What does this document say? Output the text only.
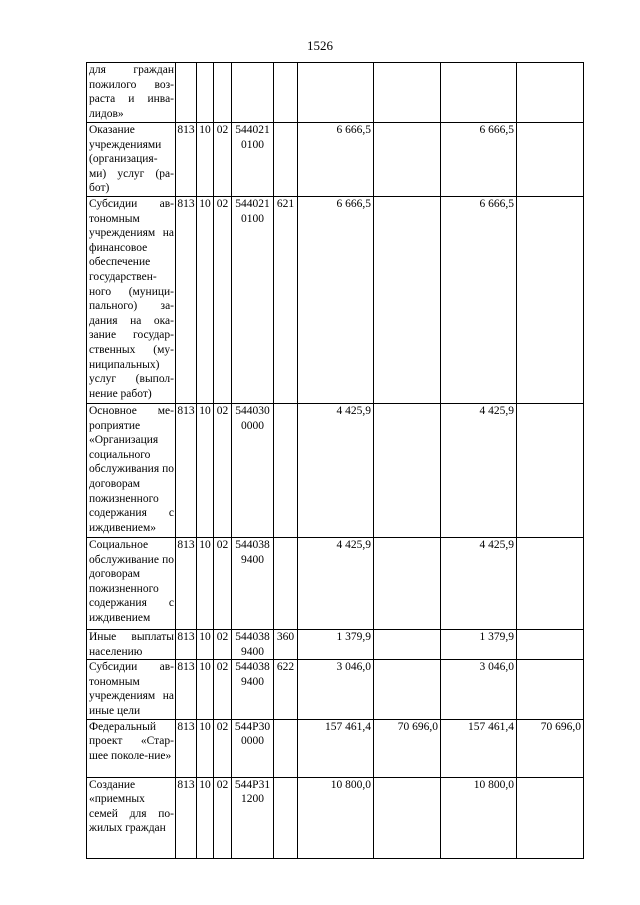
1526
для граждан пожилого воз-раста и инва-лидов»									
Оказание учреждениями (организация-ми) услуг (ра-бот)	813	10	02	544021 0100		6 666,5		6 666,5	
Субсидии ав-тономным учреждениям на финансовое обеспечение государствен-ного (муници-пального) за-дания на ока-зание государ-ственных (му-ниципальных) услуг (выпол-нение работ)	813	10	02	544021 0100	621	6 666,5		6 666,5	
Основное ме-роприятие «Организация социального обслуживания по договорам пожизненного содержания с иждивением»	813	10	02	544030 0000		4 425,9		4 425,9	
Социальное обслуживание по договорам пожизненного содержания с иждивением	813	10	02	544038 9400		4 425,9		4 425,9	
Иные выплаты населению	813	10	02	544038 9400	360	1 379,9		1 379,9	
Субсидии ав-тономным учреждениям на иные цели	813	10	02	544038 9400	622	3 046,0		3 046,0	
Федеральный проект «Стар-шее поколе-ние»	813	10	02	544P30 0000		157 461,4	70 696,0	157 461,4	70 696,0
Создание «приемных семей для по-жилых граждан	813	10	02	544P31 1200		10 800,0		10 800,0	
